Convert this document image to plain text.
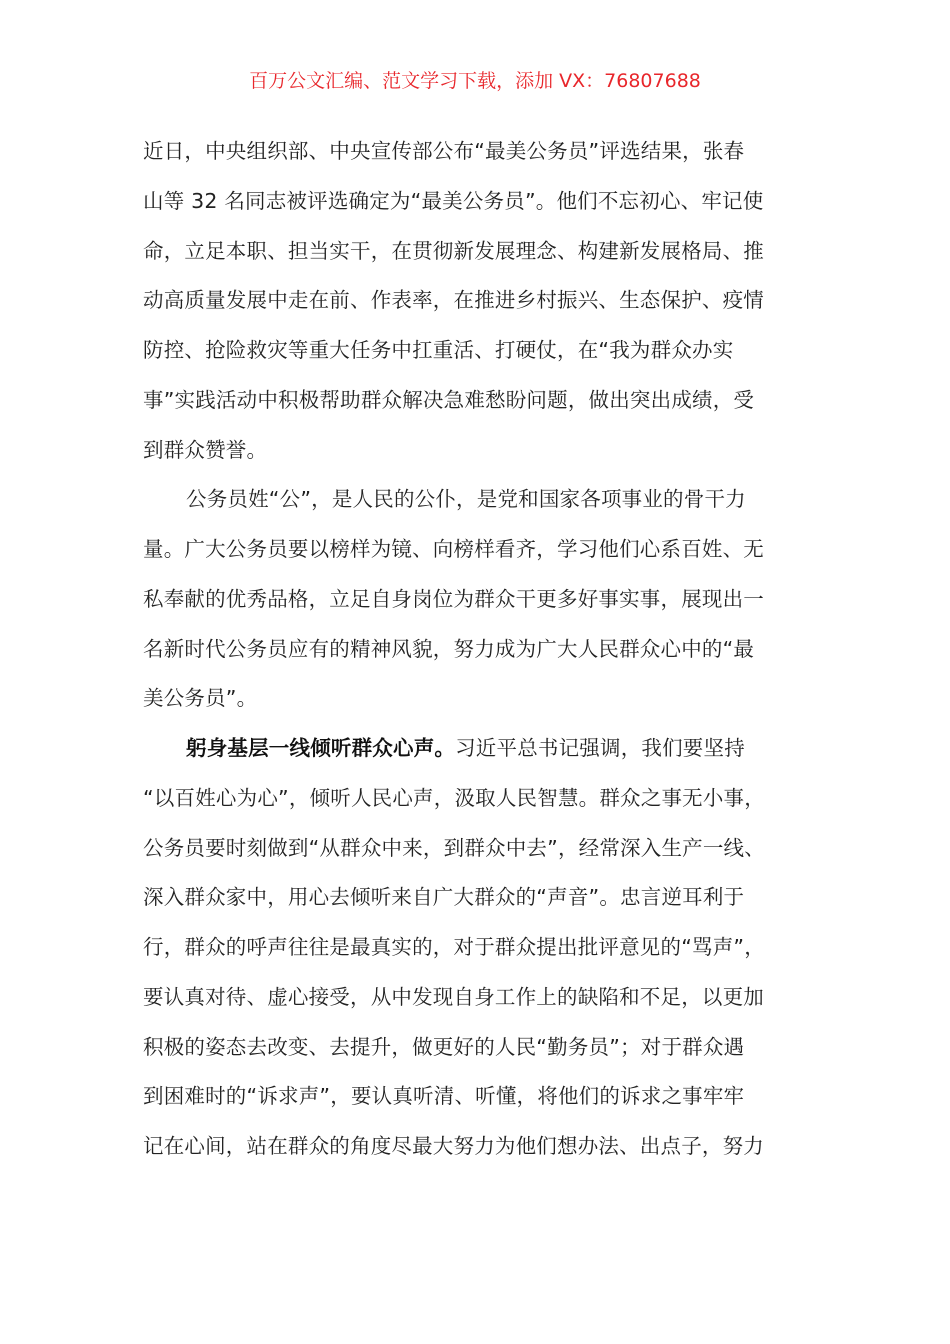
百万公文汇编、范文学习下载，添加 VX：76807688
近日，中央组织部、中央宣传部公布“最美公务员”评选结果，张春
山等 32 名同志被评选确定为“最美公务员”。他们不忘初心、牢记使
命，立足本职、担当实干，在贯彻新发展理念、构建新发展格局、推
动高质量发展中走在前、作表率，在推进乡村振兴、生态保护、疫情
防控、抢险救灾等重大任务中扛重活、打硬仗，在“我为群众办实
事”实践活动中积极帮助群众解决急难愁盼问题，做出突出成绩，受
到群众赞誉。
公务员姓“公”，是人民的公仆，是党和国家各项事业的骨干力
量。广大公务员要以榜样为镜、向榜样看齐，学习他们心系百姓、无
私奉献的优秀品格，立足自身岗位为群众干更多好事实事，展现出一
名新时代公务员应有的精神风貌，努力成为广大人民群众心中的“最
美公务员”。
躬身基层一线倾听群众心声。习近平总书记强调，我们要坚持
“以百姓心为心”，倾听人民心声，汲取人民智慧。群众之事无小事，
公务员要时刻做到“从群众中来，到群众中去”，经常深入生产一线、
深入群众家中，用心去倾听来自广大群众的“声音”。忠言逆耳利于
行，群众的呼声往往是最真实的，对于群众提出批评意见的“骂声”，
要认真对待、虚心接受，从中发现自身工作上的缺陷和不足，以更加
积极的姿态去改变、去提升，做更好的人民“勤务员”；对于群众遇
到困难时的“诉求声”，要认真听清、听懂，将他们的诉求之事牢牢
记在心间，站在群众的角度尽最大努力为他们想办法、出点子，努力
